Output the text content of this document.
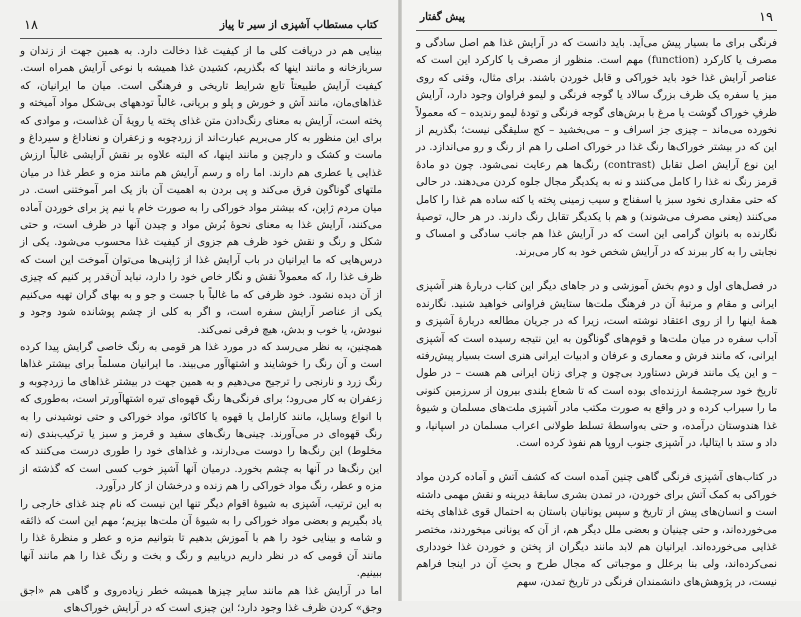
۱۸	کتاب مستطاب آشپزی از سیر تا پیاز

بینایی هم در دریافت کلی ما از کیفیت غذا دخالت دارد. به همین جهت از زندان و سربازخانه و مانند اینها که بگذریم، کشیدن غذا همیشه با نوعی آرایش همراه است. کیفیت آرایش طبیعتاً تابع شرایط تاریخی و فرهنگی است. میان ما ایرانیان، که غذاهای‌مان، مانند آش و خورش و پلو و بریانی، غالباً تودههای بی‌شکل مواد آمیخته و پخته است، آرایش به معنای رنگ‌دادن متن غذای پخته یا رویهٔ آن غذاست، و موادی که برای این منظور به کار می‌بریم عبارت‌اند از زردچوبه و زعفران و نعناداغ و سیرداغ و ماست و کشک و دارچین و مانند اینها، که البته علاوه بر نقش آرایشی غالباً ارزش غذایی یا عطری هم دارند. اما راه و رسم آرایش هم مانند مزه و عطر غذا در میان ملتهای گوناگون فرق می‌کند و پی بردن به اهمیت آن باز یک امر آموختنی است. در میان مردم ژاپن، که بیشتر مواد خوراکی را به صورت خام یا نیم پز برای خوردن آماده می‌کنند، آرایش غذا به معنای نحوهٔ بُرش مواد و چیدن آنها در ظرف است، و حتی شکل و رنگ و نقش خود ظرف هم جزوی از کیفیت غذا محسوب می‌شود. یکی از درس‌هایی که ما ایرانیان در باب آرایش غذا از ژاپنی‌ها می‌توان آموخت این است که ظرف غذا را، که معمولاً نقش و نگار خاص خود را دارد، نباید آن‌قدر پر کنیم که چیزی از آن دیده نشود. خود ظرفی که ما غالباً با جست و جو و به بهای گران تهیه می‌کنیم یکی از عناصر آرایش سفره است، و اگر به کلی از چشم پوشانده شود وجود و نبودش، یا خوب و بدش، هیچ فرقی نمی‌کند.

همچنین، به نظر می‌رسد که در مورد غذا هر قومی به رنگ خاصی گرایش پیدا کرده است و آن رنگ را خوشایند و اشتهاآور می‌بیند. ما ایرانیان مسلماً برای بیشتر غذاها رنگ زرد و نارنجی را ترجیح می‌دهیم و به همین جهت در بیشتر غذاهای ما زردچوبه و زعفران به کار می‌رود؛ برای فرنگی‌ها رنگ قهوه‌ای تیره اشتهاآورتر است، به‌طوری که با انواع وسایل، مانند کارامل یا قهوه یا کاکائو، مواد خوراکی و حتی نوشیدنی را به رنگ قهوه‌ای در می‌آورند. چینی‌ها رنگ‌های سفید و قرمز و سبز یا ترکیب‌بندی (نه مخلوط) این رنگ‌ها را دوست می‌دارند، و غذاهای خود را طوری درست می‌کنند که این رنگ‌ها در آنها به چشم بخورد. درمیان آنها آشپز خوب کسی است که گذشته از مزه و عطر، رنگ مواد خوراکی را هم زنده و درخشان از کار درآورد.

به این ترتیب، آشپزی به شیوهٔ اقوام دیگر تنها این نیست که نام چند غذای خارجی را یاد بگیریم و بعضی مواد خوراکی را به شیوهٔ آن ملت‌ها بپزیم؛ مهم این است که ذائقه و شامه و بینایی خود را هم با آموزش بدهیم تا بتوانیم مزه و عطر و منظرهٔ غذا را مانند آن قومی که در نظر داریم دریابیم و رنگ و بخت و رنگ غذا را هم مانند آنها ببینیم.

اما در آرایش غذا هم مانند سایر چیزها همیشه خطر زیاده‌روی و گاهی هم «اجق وجق» کردن ظرف غذا وجود دارد؛ این چیزی است که در آرایش خوراک‌های

۱۹
پیش گفتار

فرنگی برای ما بسیار پیش می‌آید. باید دانست که در آرایش غذا هم اصل سادگی و مصرف یا کارکرد (function) مهم است. منظور از مصرف یا کارکرد این است که عناصر آرایش غذا خود باید خوراکی و قابل خوردن باشند. برای مثال، وقتی که روی میز یا سفره یک ظرف بزرگ سالاد یا گوجه فرنگی و لیمو فراوان وجود دارد، آرایش ظرفِ خوراک گوشت یا مرغ با برش‌های گوجه فرنگی و تودهٔ لیمو رندیده – که معمولاً نخورده می‌ماند – چیزی جز اسراف و – می‌بخشید – کج سلیقگی نیست؛ بگذریم از این که در بیشتر خوراک‌ها رنگ غذا در خوراک اصلی را هم از رنگ و رو می‌اندازد. در این نوع آرایش اصل تقابل (contrast) رنگ‌ها هم رعایت نمی‌شود. چون دو مادهٔ قرمز رنگ نه غذا را کامل می‌کنند و نه به یکدیگر مجال جلوه کردن می‌دهند. در حالی که حتی مقداری نخود سبز یا اسفناج و سیب زمینی پخته یا کته ساده هم غذا را کامل می‌کنند (یعنی مصرف می‌شوند) و هم با یکدیگر تقابل رنگ دارند. در هر حال، توصیهٔ نگارنده به بانوان گرامی این است که در آرایش غذا هم جانب سادگی و امساک و نجابتی را به کار ببرند که در آرایش شخص خود به کار می‌برند.

در فصل‌های اول و دوم بخش آموزشی و در جاهای دیگر این کتاب دربارهٔ هنر آشپزی ایرانی و مقام و مرتبهٔ آن در فرهنگ ملت‌ها ستایش فراوانی خواهید شنید. نگارنده همهٔ اینها را از روی اعتقاد نوشته است، زیرا که در جریان مطالعه دربارهٔ آشپزی و آداب سفره در میان ملت‌ها و قوم‌های گوناگون به این نتیجه رسیده است که آشپزی ایرانی، که مانند فرش و معماری و عرفان و ادبیات ایرانی هنری است بسیار پیش‌رفته – و این یک مانند فرش دستاورد بی‌چون و چرای زنان ایرانی هم هست – در طول تاریخ خود سرچشمهٔ ارزنده‌ای بوده است که تا شعاع بلندی بیرون از سرزمین کنونی ما را سیراب کرده و در واقع به صورت مکتب مادر آشپزی ملت‌های مسلمان و شیوهٔ غذا هندوستان درآمده، و حتی به‌واسطهٔ تسلط طولانی اعراب مسلمان در اسپانیا، و داد و ستد با ایتالیا، در آشپزی جنوب اروپا هم نفوذ کرده است.

در کتاب‌های آشپزی فرنگی گاهی چنین آمده است که کشف آتش و آماده کردن مواد خوراکی به کمک آتش برای خوردن، در تمدن بشری سابقهٔ دیرینه و نقش مهمی داشته است و انسان‌های پیش از تاریخ و سپس یونانیان باستان به احتمال قوی غذا‌های پخته می‌خورده‌اند، و حتی چینیان و بعضی ملل دیگر هم، از آن که یونانی میخوردند، مختصر غذایی می‌خورده‌اند. ایرانیان هم لابد مانند دیگران از پختن و خوردن غذا خودداری نمی‌کرده‌اند، ولی بنا برعلل و موجباتی که مجال طرح و بحثِ آن در اینجا فراهم نیست، در پژوهش‌های دانشمندان فرنگی در تاریخ تمدن، سهم
